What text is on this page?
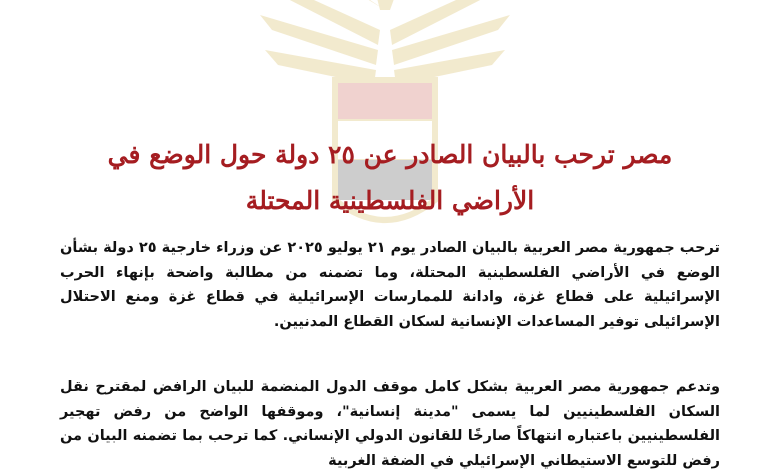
مصر ترحب بالبيان الصادر عن ٢٥ دولة حول الوضع في
الأراضي الفلسطينية المحتلة
ترحب جمهورية مصر العربية بالبيان الصادر يوم ٢١ يوليو ٢٠٢٥ عن وزراء خارجية ٢٥ دولة بشأن الوضع في الأراضي الفلسطينية المحتلة، وما تضمنه من مطالبة واضحة بإنهاء الحرب الإسرائيلية على قطاع غزة، وادانة للممارسات الإسرائيلية في قطاع غزة ومنع الاحتلال الإسرائيلى توفير المساعدات الإنسانية لسكان القطاع المدنيين.
وتدعم جمهورية مصر العربية بشكل كامل موقف الدول المنضمة للبيان الرافض لمقترح نقل السكان الفلسطينيين لما يسمى "مدينة إنسانية"، وموقفها الواضح من رفض تهجير الفلسطينيين باعتباره انتهاكاً صارخًا للقانون الدولي الإنساني. كما ترحب بما تضمنه البيان من رفض للتوسع الاستيطاني الإسرائيلي في الضفة الغربية
